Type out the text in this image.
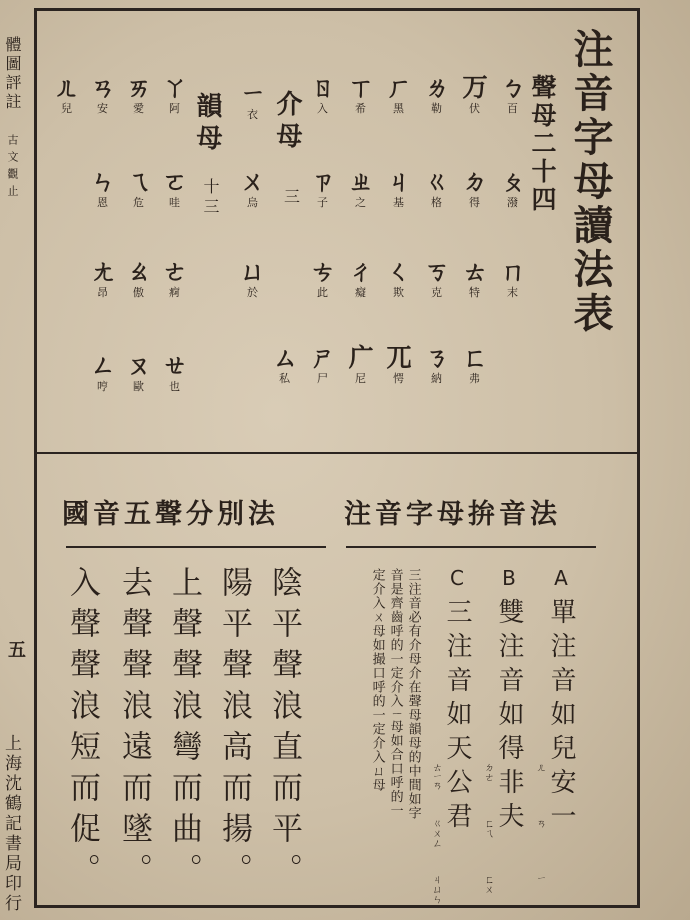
體圖評註 古文觀止
五
上海沈鶴記書局印行
注音字母讀法表
聲母二十四
ㄅ
百
ㄆ
潑
ㄇ
末
ㄪ
伏
ㄉ
得
ㄊ
特
ㄈ
弗
ㄌ
勒
ㄍ
格
ㄎ
克
ㄋ
納
ㄏ
黑
ㄐ
基
ㄑ
欺
ㄫ
愕
ㄒ
希
ㄓ
之
ㄔ
癡
ㄬ
尼
ㄖ
入
ㄗ
子
ㄘ
此
ㄕ
尸
ㄙ
私
介母
三
ㄧ
衣
ㄨ
烏
ㄩ
於
韻母
十三
ㄚ
阿
ㄛ
哇
ㄜ
痾
ㄝ
也
ㄞ
愛
ㄟ
危
ㄠ
傲
ㄡ
歐
ㄢ
安
ㄣ
恩
ㄤ
昂
ㄥ
哼
ㄦ
兒
國音五聲分別法
陰平聲浪直而平。
陽平聲浪高而揚。
上聲聲浪彎而曲。
去聲聲浪遠而墜。
入聲聲浪短而促。
注音字母拚音法
A單注音如兒安一
ㄦ
ㄢ
ㄧ
B雙注音如得非夫
ㄉㄜ
ㄈㄟ
ㄈㄨ
C三注音如天公君
ㄊㄧㄢ
ㄍㄨㄥ
ㄐㄩㄣ
三注音必有介母介在聲母韻母的中間如字
音是齊齒呼的一定介入ㄧ母如合口呼的一
定介入ㄨ母如撮口呼的一定介入ㄩ母
